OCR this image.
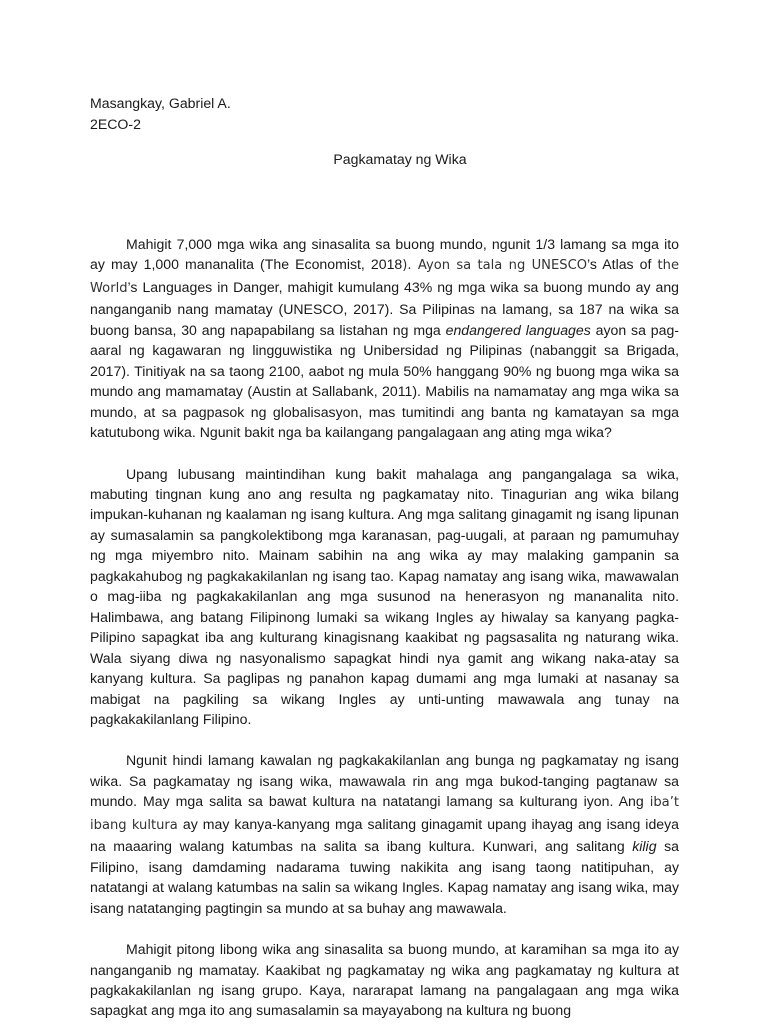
Masangkay, Gabriel A.
2ECO-2
Pagkamatay ng Wika

Mahigit 7,000 mga wika ang sinasalita sa buong mundo, ngunit 1/3 lamang sa mga ito ay may 1,000 mananalita (The Economist, 2018). Ayon sa tala ng UNESCO’s Atlas of the World’s Languages in Danger, mahigit kumulang 43% ng mga wika sa buong mundo ay ang nanganganib nang mamatay (UNESCO, 2017). Sa Pilipinas na lamang, sa 187 na wika sa buong bansa, 30 ang napapabilang sa listahan ng mga endangered languages ayon sa pag-aaral ng kagawaran ng lingguwistika ng Unibersidad ng Pilipinas (nabanggit sa Brigada, 2017). Tinitiyak na sa taong 2100, aabot ng mula 50% hanggang 90% ng buong mga wika sa mundo ang mamamatay (Austin at Sallabank, 2011). Mabilis na namamatay ang mga wika sa mundo, at sa pagpasok ng globalisasyon, mas tumitindi ang banta ng kamatayan sa mga katutubong wika. Ngunit bakit nga ba kailangang pangalagaan ang ating mga wika?

Upang lubusang maintindihan kung bakit mahalaga ang pangangalaga sa wika, mabuting tingnan kung ano ang resulta ng pagkamatay nito. Tinagurian ang wika bilang impukan-kuhanan ng kaalaman ng isang kultura. Ang mga salitang ginagamit ng isang lipunan ay sumasalamin sa pangkolektibong mga karanasan, pag-uugali, at paraan ng pamumuhay ng mga miyembro nito. Mainam sabihin na ang wika ay may malaking gampanin sa pagkakahubog ng pagkakakilanlan ng isang tao. Kapag namatay ang isang wika, mawawalan o mag-iiba ng pagkakakilanlan ang mga susunod na henerasyon ng mananalita nito. Halimbawa, ang batang Filipinong lumaki sa wikang Ingles ay hiwalay sa kanyang pagka-Pilipino sapagkat iba ang kulturang kinagisnang kaakibat ng pagsasalita ng naturang wika. Wala siyang diwa ng nasyonalismo sapagkat hindi nya gamit ang wikang naka-atay sa kanyang kultura. Sa paglipas ng panahon kapag dumami ang mga lumaki at nasanay sa mabigat na pagkiling sa wikang Ingles ay unti-unting mawawala ang tunay na pagkakakilanlang Filipino.

Ngunit hindi lamang kawalan ng pagkakakilanlan ang bunga ng pagkamatay ng isang wika. Sa pagkamatay ng isang wika, mawawala rin ang mga bukod-tanging pagtanaw sa mundo. May mga salita sa bawat kultura na natatangi lamang sa kulturang iyon. Ang iba’t ibang kultura ay may kanya-kanyang mga salitang ginagamit upang ihayag ang isang ideya na maaaring walang katumbas na salita sa ibang kultura. Kunwari, ang salitang kilig sa Filipino, isang damdaming nadarama tuwing nakikita ang isang taong natitipuhan, ay natatangi at walang katumbas na salin sa wikang Ingles. Kapag namatay ang isang wika, may isang natatanging pagtingin sa mundo at sa buhay ang mawawala.

Mahigit pitong libong wika ang sinasalita sa buong mundo, at karamihan sa mga ito ay nanganganib ng mamatay. Kaakibat ng pagkamatay ng wika ang pagkamatay ng kultura at pagkakakilanlan ng isang grupo. Kaya, nararapat lamang na pangalagaan ang mga wika sapagkat ang mga ito ang sumasalamin sa mayayabong na kultura ng buong
